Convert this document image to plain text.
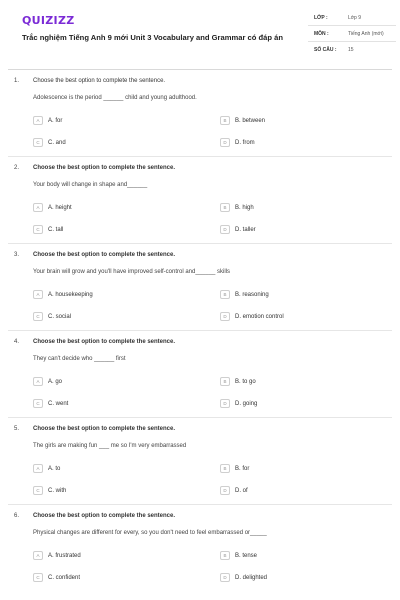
QUIZIZZ
Trắc nghiệm Tiếng Anh 9 mới Unit 3 Vocabulary and Grammar có đáp án
LỚP :	Lớp 9
MÔN :	Tiếng Anh (mới)
SỐ CÂU : 15
1. Choose the best option to complete the sentence.
Adolescence is the period ______ child and young adulthood.
A	A. for	B	B. between
C	C. and	D	D. from
2. Choose the best option to complete the sentence.
Your body will change in shape and______
A	A. height	B	B. high
C	C. tall	D	D. taller
3. Choose the best option to complete the sentence.
Your brain will grow and you'll have improved self-control and______ skills
A	A. housekeeping	B	B. reasoning
C	C. social	D	D. emotion control
4. Choose the best option to complete the sentence.
They can't decide who ______ first
A	A. go	B	B. to go
C	C. went	D	D. going
5. Choose the best option to complete the sentence.
The girls are making fun ___ me so I'm very embarrassed
A	A. to	B	B. for
C	C. with	D	D. of
6. Choose the best option to complete the sentence.
Physical changes are different for every, so you don't need to feel embarrassed or_____
A	A. frustrated	B	B. tense
C	C. confident	D	D. delighted
